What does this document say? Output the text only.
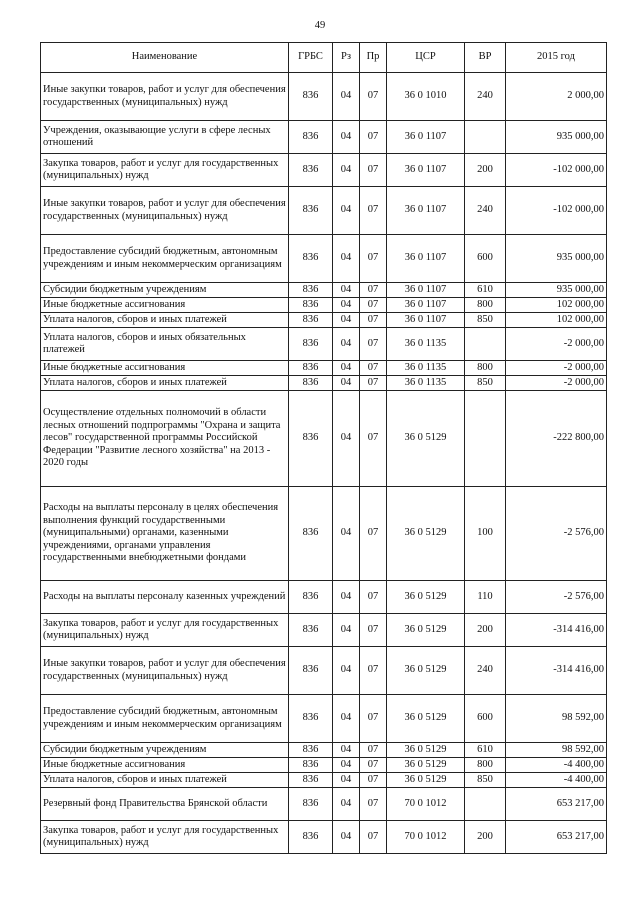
49
Наименование	ГРБС	Рз	Пр	ЦСР	ВР	2015 год
Иные закупки товаров, работ и услуг для обеспечения государственных (муниципальных) нужд	836	04	07	36 0 1010	240	2 000,00
Учреждения, оказывающие услуги в сфере лесных отношений	836	04	07	36 0 1107		935 000,00
Закупка товаров, работ и услуг для государственных (муниципальных) нужд	836	04	07	36 0 1107	200	-102 000,00
Иные закупки товаров, работ и услуг для обеспечения государственных (муниципальных) нужд	836	04	07	36 0 1107	240	-102 000,00
Предоставление субсидий бюджетным, автономным учреждениям и иным некоммерческим организациям	836	04	07	36 0 1107	600	935 000,00
Субсидии бюджетным учреждениям	836	04	07	36 0 1107	610	935 000,00
Иные бюджетные ассигнования	836	04	07	36 0 1107	800	102 000,00
Уплата налогов, сборов и иных платежей	836	04	07	36 0 1107	850	102 000,00
Уплата налогов, сборов и иных обязательных платежей	836	04	07	36 0 1135		-2 000,00
Иные бюджетные ассигнования	836	04	07	36 0 1135	800	-2 000,00
Уплата налогов, сборов и иных платежей	836	04	07	36 0 1135	850	-2 000,00
Осуществление отдельных полномочий в области лесных отношений подпрограммы "Охрана и защита лесов" государственной программы Российской Федерации "Развитие лесного хозяйства" на 2013 - 2020 годы	836	04	07	36 0 5129		-222 800,00
Расходы на выплаты персоналу в целях обеспечения выполнения функций государственными (муниципальными) органами, казенными учреждениями, органами управления государственными внебюджетными фондами	836	04	07	36 0 5129	100	-2 576,00
Расходы на выплаты персоналу казенных учреждений	836	04	07	36 0 5129	110	-2 576,00
Закупка товаров, работ и услуг для государственных (муниципальных) нужд	836	04	07	36 0 5129	200	-314 416,00
Иные закупки товаров, работ и услуг для обеспечения государственных (муниципальных) нужд	836	04	07	36 0 5129	240	-314 416,00
Предоставление субсидий бюджетным, автономным учреждениям и иным некоммерческим организациям	836	04	07	36 0 5129	600	98 592,00
Субсидии бюджетным учреждениям	836	04	07	36 0 5129	610	98 592,00
Иные бюджетные ассигнования	836	04	07	36 0 5129	800	-4 400,00
Уплата налогов, сборов и иных платежей	836	04	07	36 0 5129	850	-4 400,00
Резервный фонд Правительства Брянской области	836	04	07	70 0 1012		653 217,00
Закупка товаров, работ и услуг для государственных (муниципальных) нужд	836	04	07	70 0 1012	200	653 217,00
